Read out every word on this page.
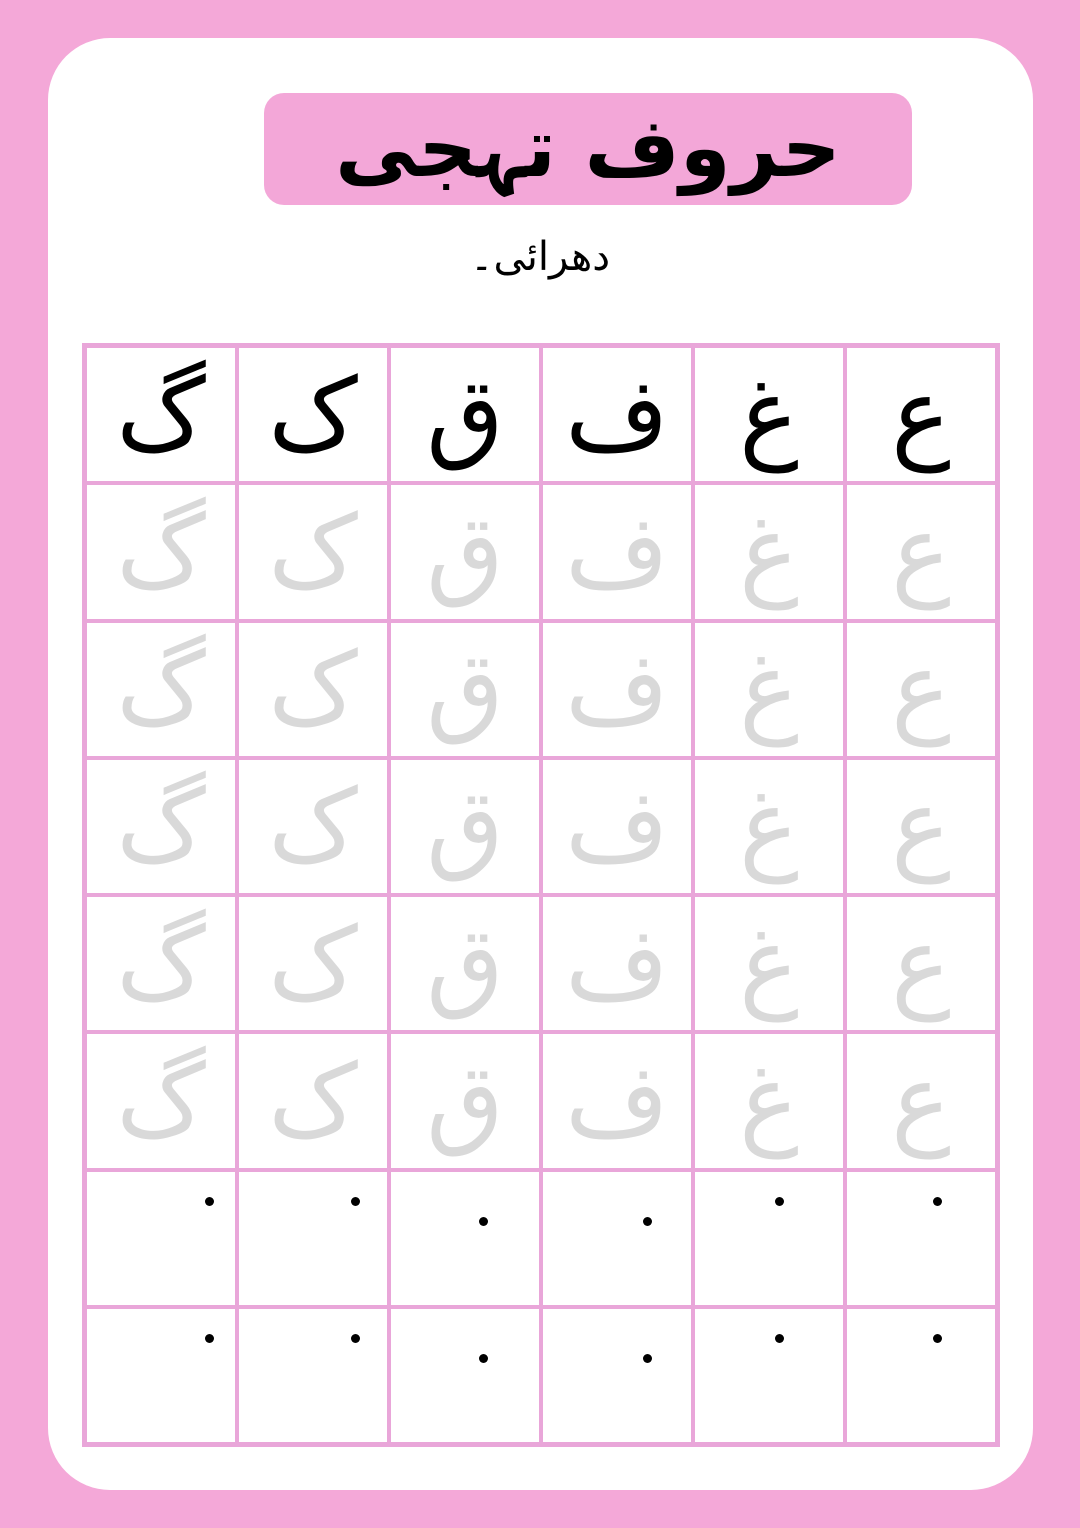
حروف تہجی
دھرائی۔
گ ک ق ف غ ع
گ ک ق ف غ ع
گ ک ق ف غ ع
گ ک ق ف غ ع
گ ک ق ف غ ع
گ ک ق ف غ ع
